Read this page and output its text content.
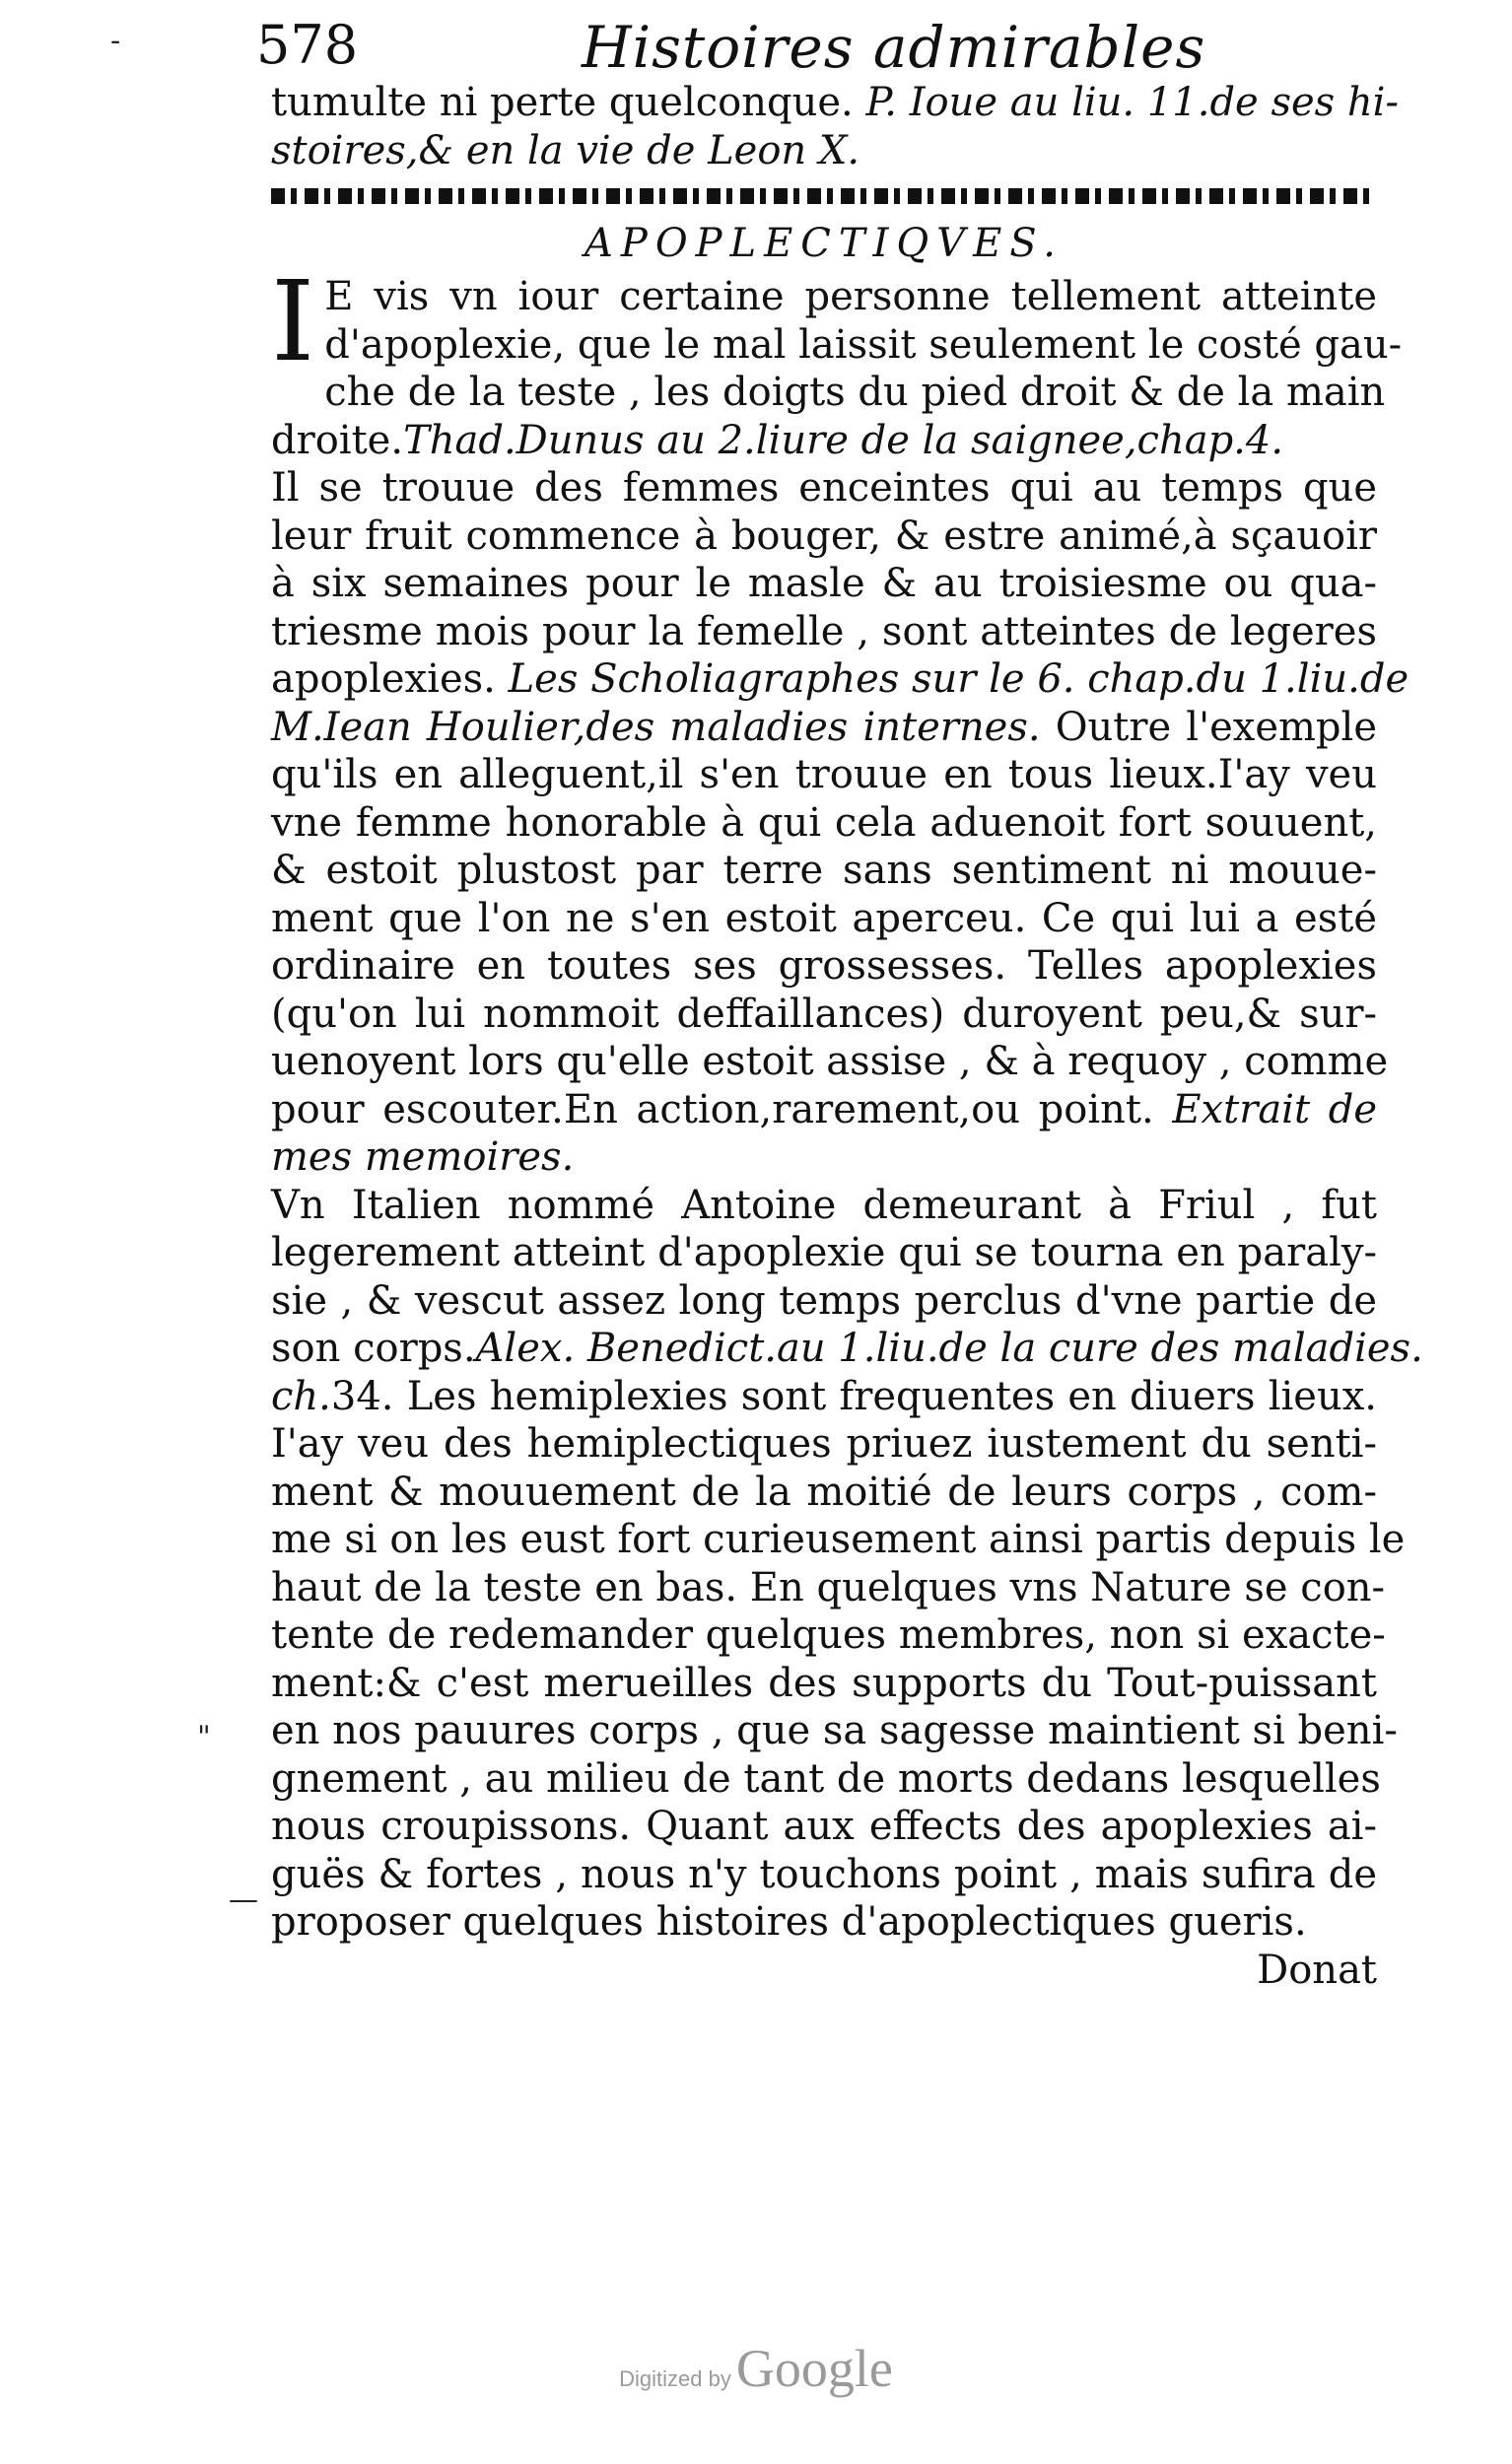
578	Histoires admirables
tumulte ni perte quelconque. P. Ioue au liu. 11.de ses hi-
stoires,& en la vie de Leon X.
APOPLECTIQVES.
I E vis vn iour certaine personne tellement atteinte
d'apoplexie, que le mal laissit seulement le costé gau-
che de la teste , les doigts du pied droit & de la main
droite.Thad.Dunus au 2.liure de la saignee,chap.4.
Il se trouue des femmes enceintes qui au temps que
leur fruit commence à bouger, & estre animé,à sçauoir
à six semaines pour le masle & au troisiesme ou qua-
triesme mois pour la femelle , sont atteintes de legeres
apoplexies. Les Scholiagraphes sur le 6. chap.du 1.liu.de
M.Iean Houlier,des maladies internes. Outre l'exemple
qu'ils en alleguent,il s'en trouue en tous lieux.I'ay veu
vne femme honorable à qui cela aduenoit fort souuent,
& estoit plustost par terre sans sentiment ni mouue-
ment que l'on ne s'en estoit aperceu. Ce qui lui a esté
ordinaire en toutes ses grossesses. Telles apoplexies
(qu'on lui nommoit deffaillances) duroyent peu,& sur-
uenoyent lors qu'elle estoit assise , & à requoy , comme
pour escouter.En action,rarement,ou point. Extrait de
mes memoires.
Vn Italien nommé Antoine demeurant à Friul , fut
legerement atteint d'apoplexie qui se tourna en paraly-
sie , & vescut assez long temps perclus d'vne partie de
son corps.Alex. Benedict.au 1.liu.de la cure des maladies.
ch.34. Les hemiplexies sont frequentes en diuers lieux.
I'ay veu des hemiplectiques priuez iustement du senti-
ment & mouuement de la moitié de leurs corps , com-
me si on les eust fort curieusement ainsi partis depuis le
haut de la teste en bas. En quelques vns Nature se con-
tente de redemander quelques membres, non si exacte-
ment:& c'est merueilles des supports du Tout-puissant
en nos pauures corps , que sa sagesse maintient si beni-
gnement , au milieu de tant de morts dedans lesquelles
nous croupissons. Quant aux effects des apoplexies ai-
guës & fortes , nous n'y touchons point , mais sufira de
proposer quelques histoires d'apoplectiques gueris.
Donat
-
"
—
Digitized by Google
